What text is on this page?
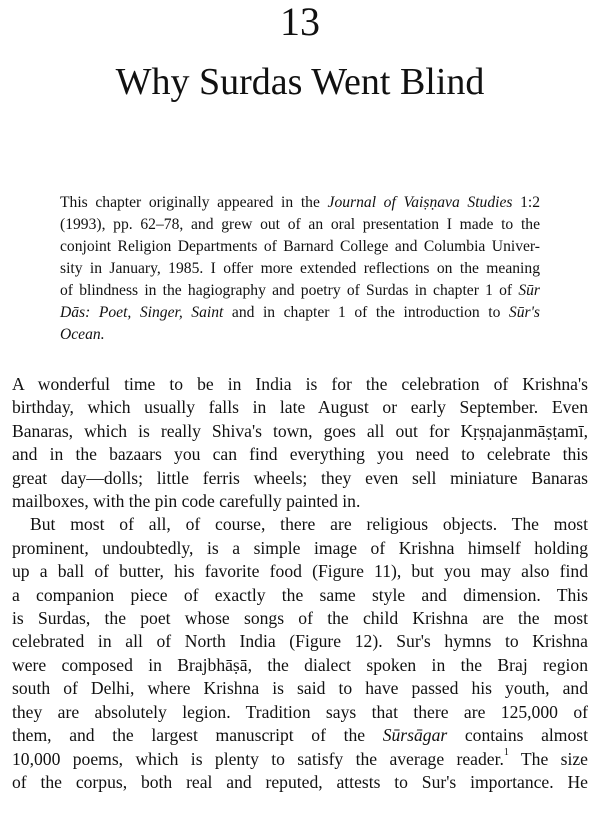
13
Why Surdas Went Blind
This chapter originally appeared in the Journal of Vaiṣṇava Studies 1:2
(1993), pp. 62–78, and grew out of an oral presentation I made to the
conjoint Religion Departments of Barnard College and Columbia Univer-
sity in January, 1985. I offer more extended reflections on the meaning
of blindness in the hagiography and poetry of Surdas in chapter 1 of Sūr
Dās: Poet, Singer, Saint and in chapter 1 of the introduction to Sūr's
Ocean.
A wonderful time to be in India is for the celebration of Krishna's
birthday, which usually falls in late August or early September. Even
Banaras, which is really Shiva's town, goes all out for Kṛṣṇajanmāṣṭamī,
and in the bazaars you can find everything you need to celebrate this
great day—dolls; little ferris wheels; they even sell miniature Banaras
mailboxes, with the pin code carefully painted in.
But most of all, of course, there are religious objects. The most
prominent, undoubtedly, is a simple image of Krishna himself holding
up a ball of butter, his favorite food (Figure 11), but you may also find
a companion piece of exactly the same style and dimension. This
is Surdas, the poet whose songs of the child Krishna are the most
celebrated in all of North India (Figure 12). Sur's hymns to Krishna
were composed in Brajbhāṣā, the dialect spoken in the Braj region
south of Delhi, where Krishna is said to have passed his youth, and
they are absolutely legion. Tradition says that there are 125,000 of
them, and the largest manuscript of the Sūrsāgar contains almost
10,000 poems, which is plenty to satisfy the average reader.$^1$ The size
of the corpus, both real and reputed, attests to Sur's importance. He
